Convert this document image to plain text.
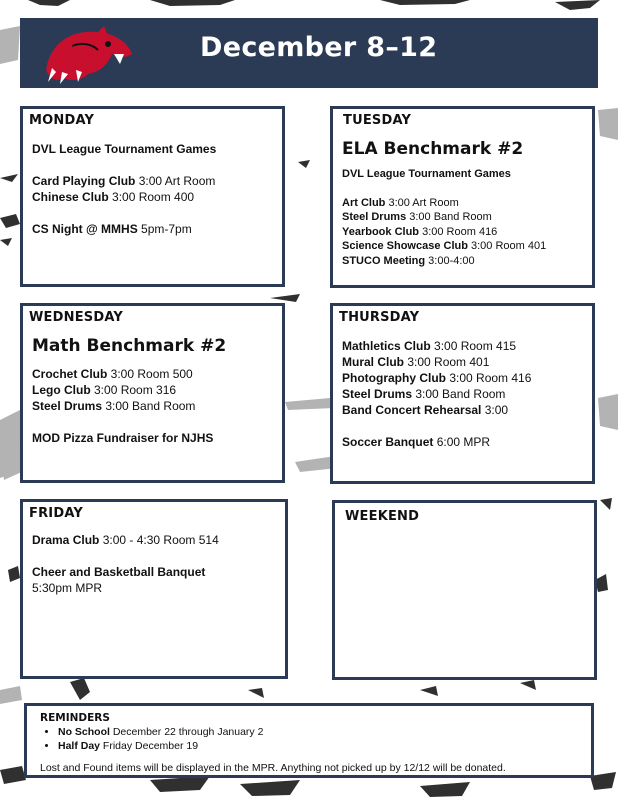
December 8–12
MONDAY
DVL League Tournament Games
Card Playing Club 3:00 Art Room
Chinese Club 3:00 Room 400
CS Night @ MMHS 5pm-7pm
TUESDAY
ELA Benchmark #2
DVL League Tournament Games
Art Club 3:00 Art Room
Steel Drums 3:00 Band Room
Yearbook Club 3:00 Room 416
Science Showcase Club 3:00 Room 401
STUCO Meeting 3:00-4:00
WEDNESDAY
Math Benchmark #2
Crochet Club 3:00 Room 500
Lego Club 3:00 Room 316
Steel Drums 3:00 Band Room
MOD Pizza Fundraiser for NJHS
THURSDAY
Mathletics Club 3:00 Room 415
Mural Club 3:00 Room 401
Photography Club 3:00 Room 416
Steel Drums 3:00 Band Room
Band Concert Rehearsal 3:00
Soccer Banquet 6:00 MPR
FRIDAY
Drama Club 3:00 - 4:30 Room 514
Cheer and Basketball Banquet
5:30pm MPR
WEEKEND
REMINDERS
• No School December 22 through January 2
• Half Day Friday December 19
Lost and Found items will be displayed in the MPR. Anything not picked up by 12/12 will be donated.
